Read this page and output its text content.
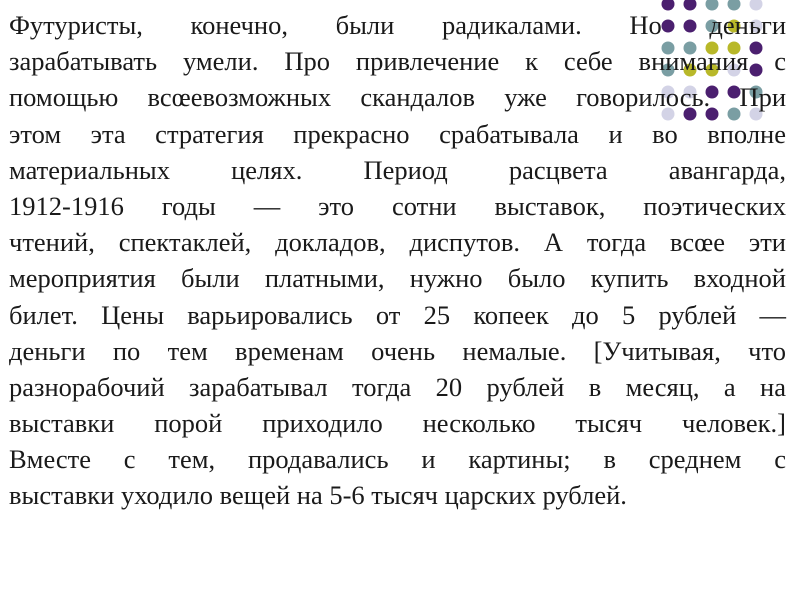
Футуристы, конечно, были радикалами. Но деньги
зарабатывать умели. Про привлечение к себе внимания с
помощью всœевозможных скандалов уже говорилось. При
этом эта стратегия прекрасно срабатывала и во вполне
материальных целях. Период расцвета авангарда,
1912-1916 годы — это сотни выставок, поэтических
чтений, спектаклей, докладов, диспутов. А тогда всœе эти
мероприятия были платными, нужно было купить входной
билет. Цены варьировались от 25 копеек до 5 рублей —
деньги по тем временам очень немалые. [Учитывая, что
разнорабочий зарабатывал тогда 20 рублей в месяц, а на
выставки порой приходило несколько тысяч человек.]
Вместе с тем, продавались и картины; в среднем с
выставки уходило вещей на 5-6 тысяч царских рублей.
